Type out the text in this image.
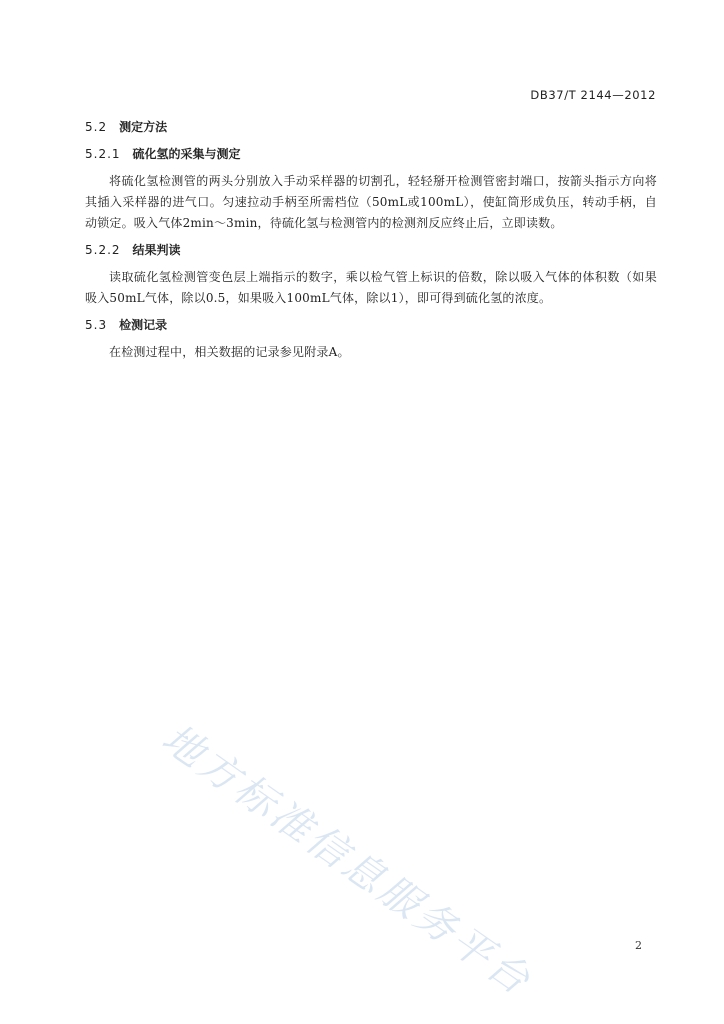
DB37/T 2144—2012
5.2 测定方法
5.2.1 硫化氢的采集与测定

将硫化氢检测管的两头分别放入手动采样器的切割孔，轻轻掰开检测管密封端口，按箭头指示方向将其插入采样器的进气口。匀速拉动手柄至所需档位（50mL或100mL），使缸筒形成负压，转动手柄，自动锁定。吸入气体2min～3min，待硫化氢与检测管内的检测剂反应终止后，立即读数。

5.2.2 结果判读

读取硫化氢检测管变色层上端指示的数字，乘以检气管上标识的倍数，除以吸入气体的体积数（如果吸入50mL气体，除以0.5，如果吸入100mL气体，除以1），即可得到硫化氢的浓度。

5.3 检测记录

在检测过程中，相关数据的记录参见附录A。

地方标准信息服务平台	2
